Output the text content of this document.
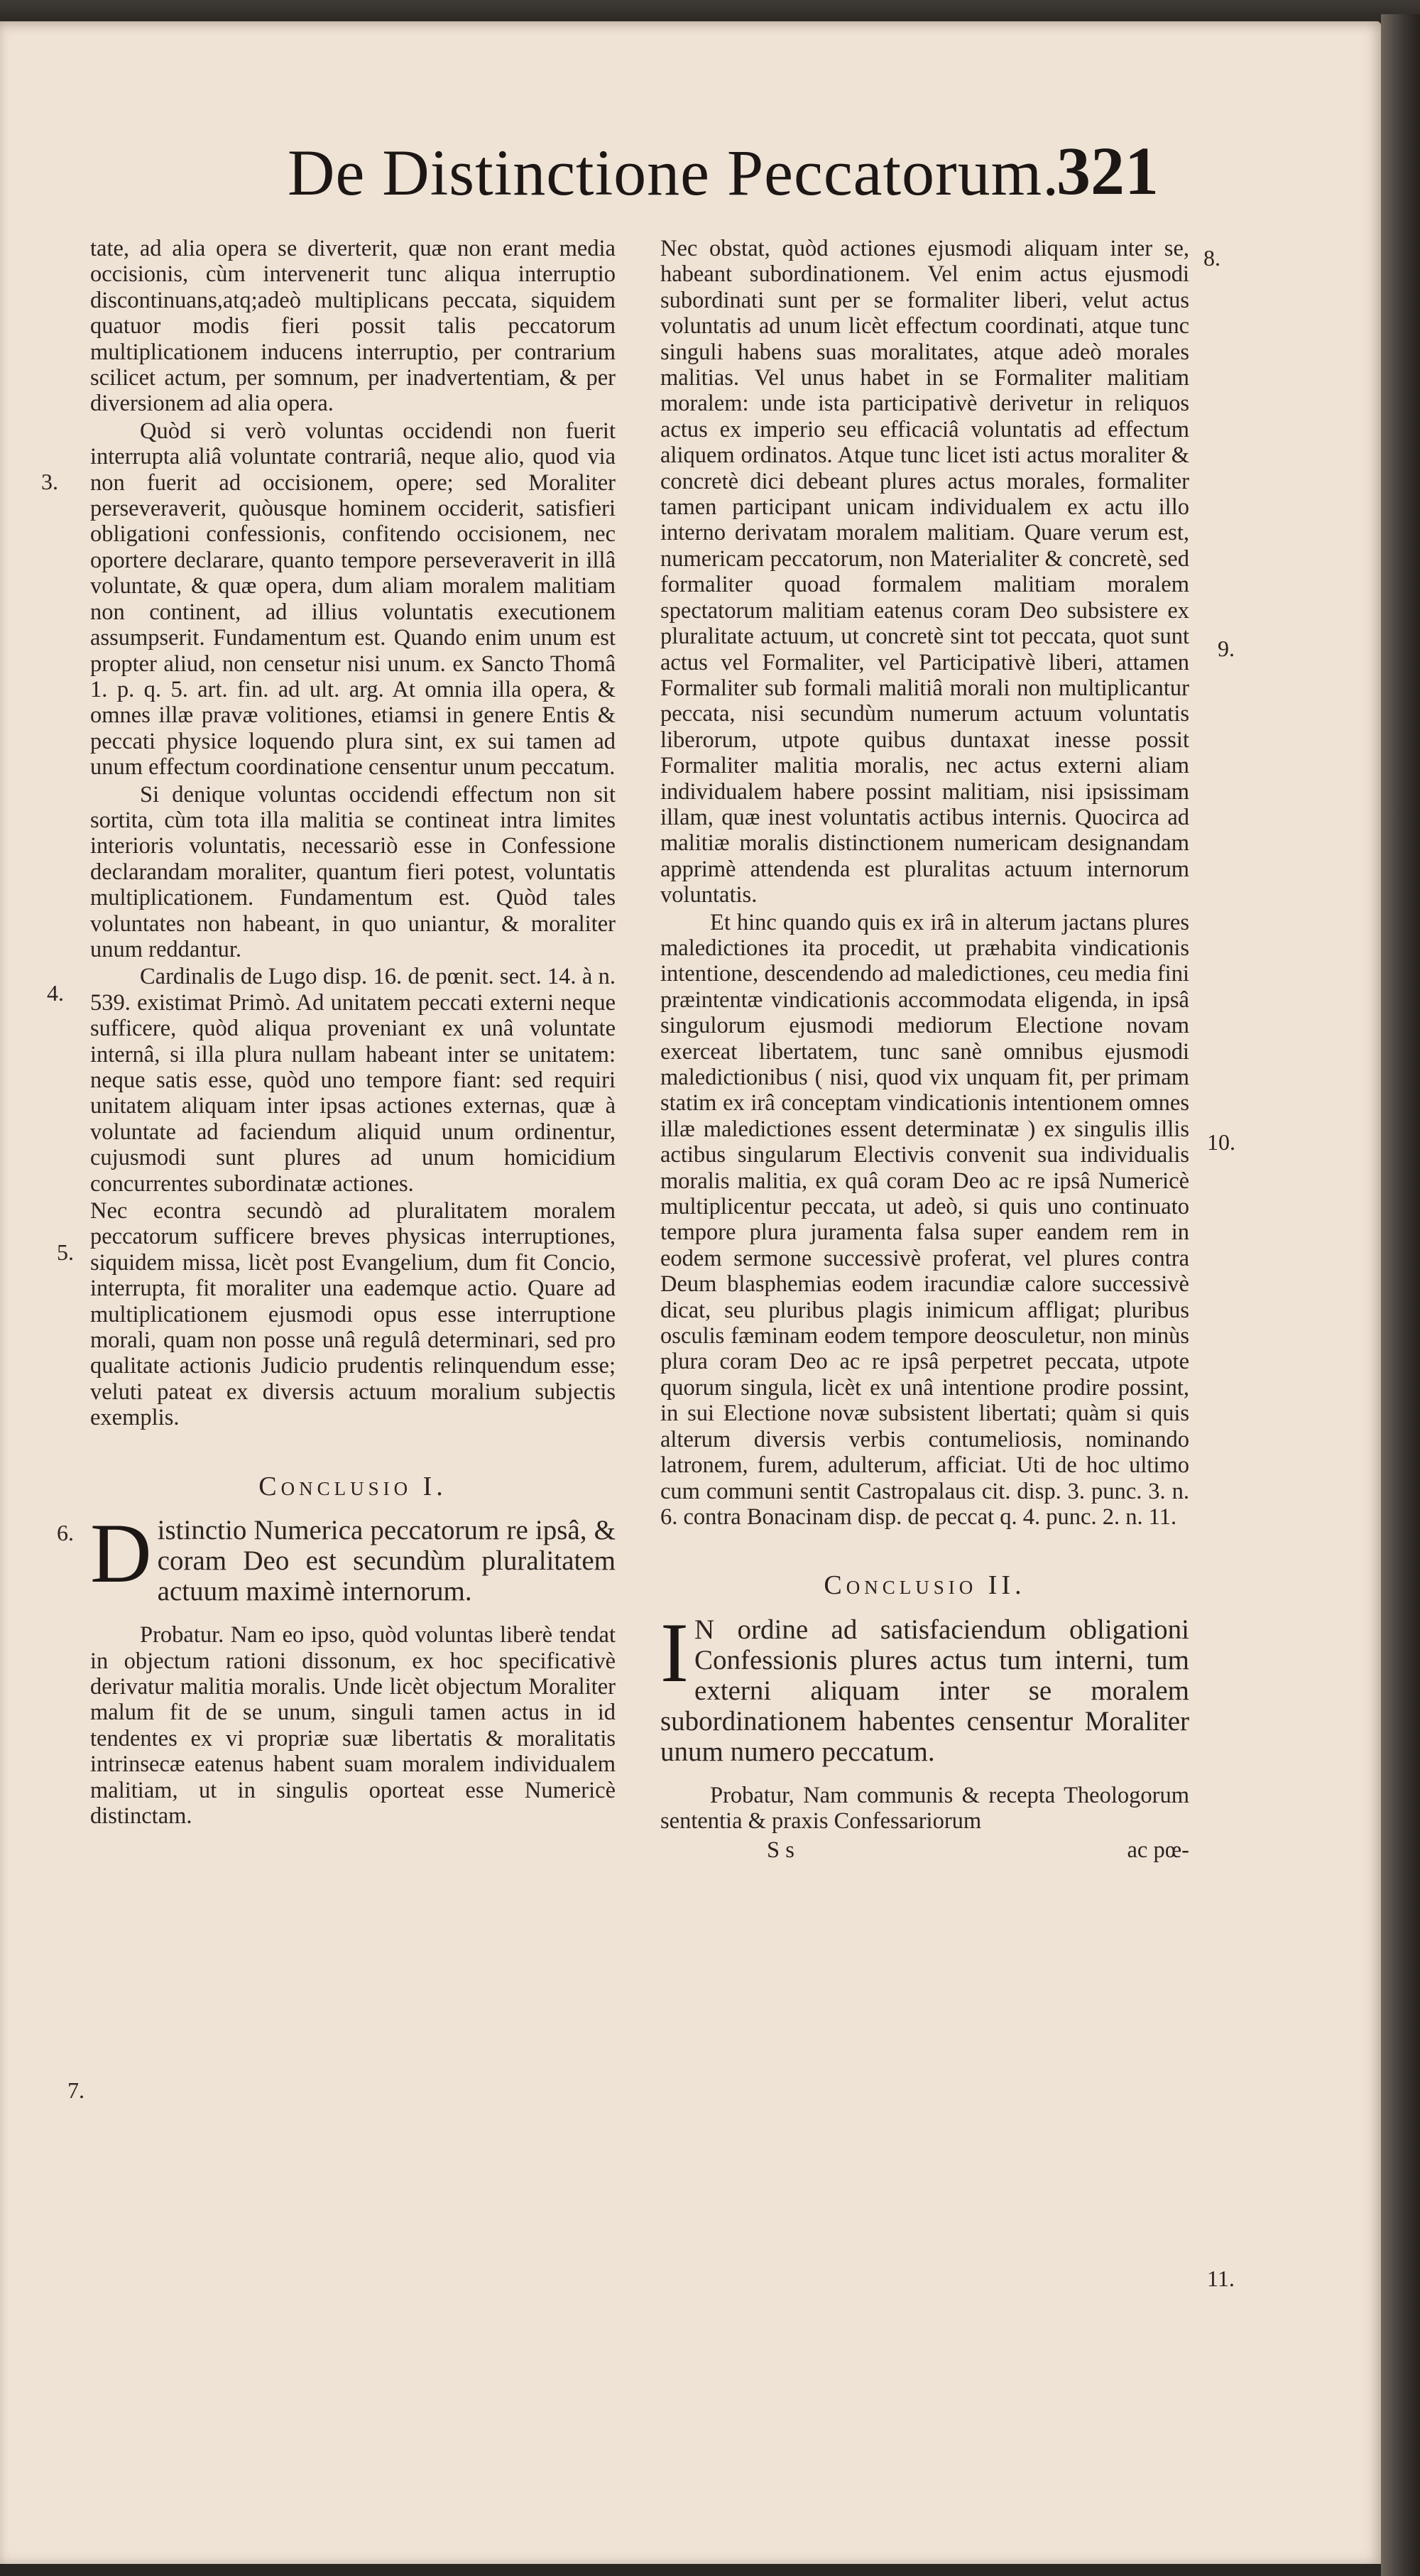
De Distinctione Peccatorum.
321
3.
4.
5.
6.
7.
8.
9.
10.
11.

tate, ad alia opera se diverterit, quæ non erant media occisionis, cùm intervenerit tunc aliqua interruptio discontinuans,atq;adeò multiplicans peccata, siquidem quatuor modis fieri possit talis peccatorum multiplicationem inducens interruptio, per contrarium scilicet actum, per somnum, per inadvertentiam, & per diversionem ad alia opera.

Quòd si verò voluntas occidendi non fuerit interrupta aliâ voluntate contrariâ, neque alio, quod via non fuerit ad occisionem, opere; sed Moraliter perseveraverit, quòusque hominem occiderit, satisfieri obligationi confessionis, confitendo occisionem, nec oportere declarare, quanto tempore perseveraverit in illâ voluntate, & quæ opera, dum aliam moralem malitiam non continent, ad illius voluntatis executionem assumpserit. Fundamentum est. Quando enim unum est propter aliud, non censetur nisi unum. ex Sancto Thomâ 1. p. q. 5. art. fin. ad ult. arg. At omnia illa opera, & omnes illæ pravæ volitiones, etiamsi in genere Entis & peccati physice loquendo plura sint, ex sui tamen ad unum effectum coordinatione censentur unum peccatum.

Si denique voluntas occidendi effectum non sit sortita, cùm tota illa malitia se contineat intra limites interioris voluntatis, necessariò esse in Confessione declarandam moraliter, quantum fieri potest, voluntatis multiplicationem. Fundamentum est. Quòd tales voluntates non habeant, in quo uniantur, & moraliter unum reddantur.

Cardinalis de Lugo disp. 16. de pœnit. sect. 14. à n. 539. existimat Primò. Ad unitatem peccati externi neque sufficere, quòd aliqua proveniant ex unâ voluntate internâ, si illa plura nullam habeant inter se unitatem: neque satis esse, quòd uno tempore fiant: sed requiri unitatem aliquam inter ipsas actiones externas, quæ à voluntate ad faciendum aliquid unum ordinentur, cujusmodi sunt plures ad unum homicidium concurrentes subordinatæ actiones.

Nec econtra secundò ad pluralitatem moralem peccatorum sufficere breves physicas interruptiones, siquidem missa, licèt post Evangelium, dum fit Concio, interrupta, fit moraliter una eademque actio. Quare ad multiplicationem ejusmodi opus esse interruptione morali, quam non posse unâ regulâ determinari, sed pro qualitate actionis Judicio prudentis relinquendum esse; veluti pateat ex diversis actuum moralium subjectis exemplis.

Conclusio I.
D istinctio Numerica peccatorum re ipsâ, & coram Deo est secundùm pluralitatem actuum maximè internorum.

Probatur. Nam eo ipso, quòd voluntas liberè tendat in objectum rationi dissonum, ex hoc specificativè derivatur malitia moralis. Unde licèt objectum Moraliter malum fit de se unum, singuli tamen actus in id tendentes ex vi propriæ suæ libertatis & moralitatis intrinsecæ eatenus habent suam moralem individualem malitiam, ut in singulis oporteat esse Numericè distinctam.

Nec obstat, quòd actiones ejusmodi aliquam inter se, habeant subordinationem. Vel enim actus ejusmodi subordinati sunt per se formaliter liberi, velut actus voluntatis ad unum licèt effectum coordinati, atque tunc singuli habens suas moralitates, atque adeò morales malitias. Vel unus habet in se Formaliter malitiam moralem: unde ista participativè derivetur in reliquos actus ex imperio seu efficaciâ voluntatis ad effectum aliquem ordinatos. Atque tunc licet isti actus moraliter & concretè dici debeant plures actus morales, formaliter tamen participant unicam individualem ex actu illo interno derivatam moralem malitiam. Quare verum est, numericam peccatorum, non Materialiter & concretè, sed formaliter quoad formalem malitiam moralem spectatorum malitiam eatenus coram Deo subsistere ex pluralitate actuum, ut concretè sint tot peccata, quot sunt actus vel Formaliter, vel Participativè liberi, attamen Formaliter sub formali malitiâ morali non multiplicantur peccata, nisi secundùm numerum actuum voluntatis liberorum, utpote quibus duntaxat inesse possit Formaliter malitia moralis, nec actus externi aliam individualem habere possint malitiam, nisi ipsissimam illam, quæ inest voluntatis actibus internis. Quocirca ad malitiæ moralis distinctionem numericam designandam apprimè attendenda est pluralitas actuum internorum voluntatis.

Et hinc quando quis ex irâ in alterum jactans plures maledictiones ita procedit, ut præhabita vindicationis intentione, descendendo ad maledictiones, ceu media fini præintentæ vindicationis accommodata eligenda, in ipsâ singulorum ejusmodi mediorum Electione novam exerceat libertatem, tunc sanè omnibus ejusmodi maledictionibus ( nisi, quod vix unquam fit, per primam statim ex irâ conceptam vindicationis intentionem omnes illæ maledictiones essent determinatæ ) ex singulis illis actibus singularum Electivis convenit sua individualis moralis malitia, ex quâ coram Deo ac re ipsâ Numericè multiplicentur peccata, ut adeò, si quis uno continuato tempore plura juramenta falsa super eandem rem in eodem sermone successivè proferat, vel plures contra Deum blasphemias eodem iracundiæ calore successivè dicat, seu pluribus plagis inimicum affligat; pluribus osculis fæminam eodem tempore deosculetur, non minùs plura coram Deo ac re ipsâ perpetret peccata, utpote quorum singula, licèt ex unâ intentione prodire possint, in sui Electione novæ subsistent libertati; quàm si quis alterum diversis verbis contumeliosis, nominando latronem, furem, adulterum, afficiat. Uti de hoc ultimo cum communi sentit Castropalaus cit. disp. 3. punc. 3. n. 6. contra Bonacinam disp. de peccat q. 4. punc. 2. n. 11.

Conclusio II.
I N ordine ad satisfaciendum obligationi Confessionis plures actus tum interni, tum externi aliquam inter se moralem subordinationem habentes censentur Moraliter unum numero peccatum.

Probatur, Nam communis & recepta Theologorum sententia & praxis Confessariorum

S s	ac pœ-
